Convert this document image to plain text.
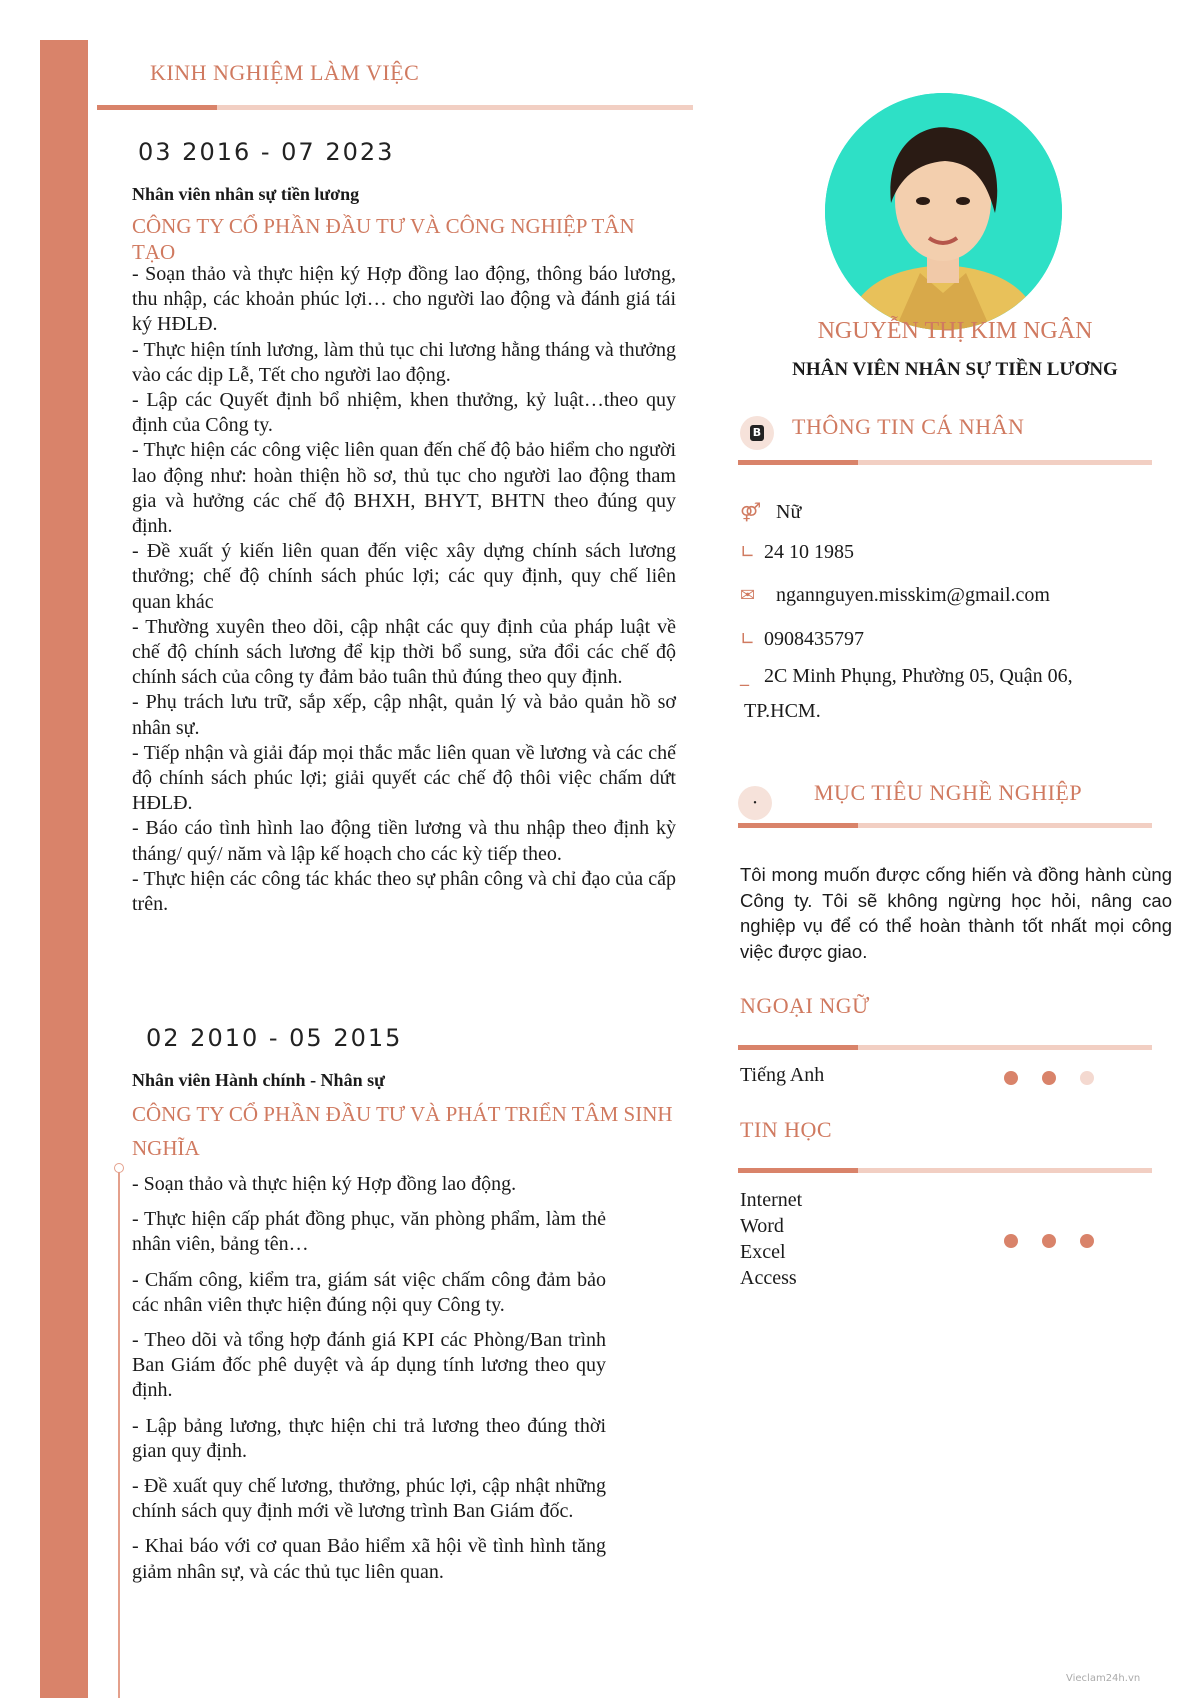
KINH NGHIỆM LÀM VIỆC
03 2016 - 07 2023
Nhân viên nhân sự tiền lương
CÔNG TY CỔ PHẦN ĐẦU TƯ VÀ CÔNG NGHIỆP TÂN TẠO

- Soạn thảo và thực hiện ký Hợp đồng lao động, thông báo lương, thu nhập, các khoản phúc lợi… cho người lao động và đánh giá tái ký HĐLĐ.

- Thực hiện tính lương, làm thủ tục chi lương hằng tháng và thưởng vào các dịp Lễ, Tết cho người lao động.

- Lập các Quyết định bổ nhiệm, khen thưởng, kỷ luật…theo quy định của Công ty.

- Thực hiện các công việc liên quan đến chế độ bảo hiểm cho người lao động như: hoàn thiện hồ sơ, thủ tục cho người lao động tham gia và hưởng các chế độ BHXH, BHYT, BHTN theo đúng quy định.

- Đề xuất ý kiến liên quan đến việc xây dựng chính sách lương thưởng; chế độ chính sách phúc lợi; các quy định, quy chế liên quan khác

- Thường xuyên theo dõi, cập nhật các quy định của pháp luật về chế độ chính sách lương để kịp thời bổ sung, sửa đổi các chế độ chính sách của công ty đảm bảo tuân thủ đúng theo quy định.

- Phụ trách lưu trữ, sắp xếp, cập nhật, quản lý và bảo quản hồ sơ nhân sự.

- Tiếp nhận và giải đáp mọi thắc mắc liên quan về lương và các chế độ chính sách phúc lợi; giải quyết các chế độ thôi việc chấm dứt HĐLĐ.

- Báo cáo tình hình lao động tiền lương và thu nhập theo định kỳ tháng/ quý/ năm và lập kế hoạch cho các kỳ tiếp theo.

- Thực hiện các công tác khác theo sự phân công và chỉ đạo của cấp trên.

02 2010 - 05 2015
Nhân viên Hành chính - Nhân sự
CÔNG TY CỔ PHẦN ĐẦU TƯ VÀ PHÁT TRIỂN TÂM SINH NGHĨA

- Soạn thảo và thực hiện ký Hợp đồng lao động.

- Thực hiện cấp phát đồng phục, văn phòng phẩm, làm thẻ nhân viên, bảng tên…

- Chấm công, kiểm tra, giám sát việc chấm công đảm bảo các nhân viên thực hiện đúng nội quy Công ty.

- Theo dõi và tổng hợp đánh giá KPI các Phòng/Ban trình Ban Giám đốc phê duyệt và áp dụng tính lương theo quy định.

- Lập bảng lương, thực hiện chi trả lương theo đúng thời gian quy định.

- Đề xuất quy chế lương, thưởng, phúc lợi, cập nhật những chính sách quy định mới về lương trình Ban Giám đốc.

- Khai báo với cơ quan Bảo hiểm xã hội về tình hình tăng giảm nhân sự, và các thủ tục liên quan.

NGUYỄN THỊ KIM NGÂN
NHÂN VIÊN NHÂN SỰ TIỀN LƯƠNG
B THÔNG TIN CÁ NHÂN
⚤ Nữ
∟ 24 10 1985
✉	ngannguyen.misskim@gmail.com
∟ 0908435797
_ 2C Minh Phụng, Phường 05, Quận 06,
TP.HCM.
•	MỤC TIÊU NGHỀ NGHIỆP
Tôi mong muốn được cống hiến và đồng hành cùng Công ty. Tôi sẽ không ngừng học hỏi, nâng cao nghiệp vụ để có thể hoàn thành tốt nhất mọi công việc được giao.
NGOẠI NGỮ
Tiếng Anh
TIN HỌC
Internet
Word
Excel
Access
Vieclam24h.vn
